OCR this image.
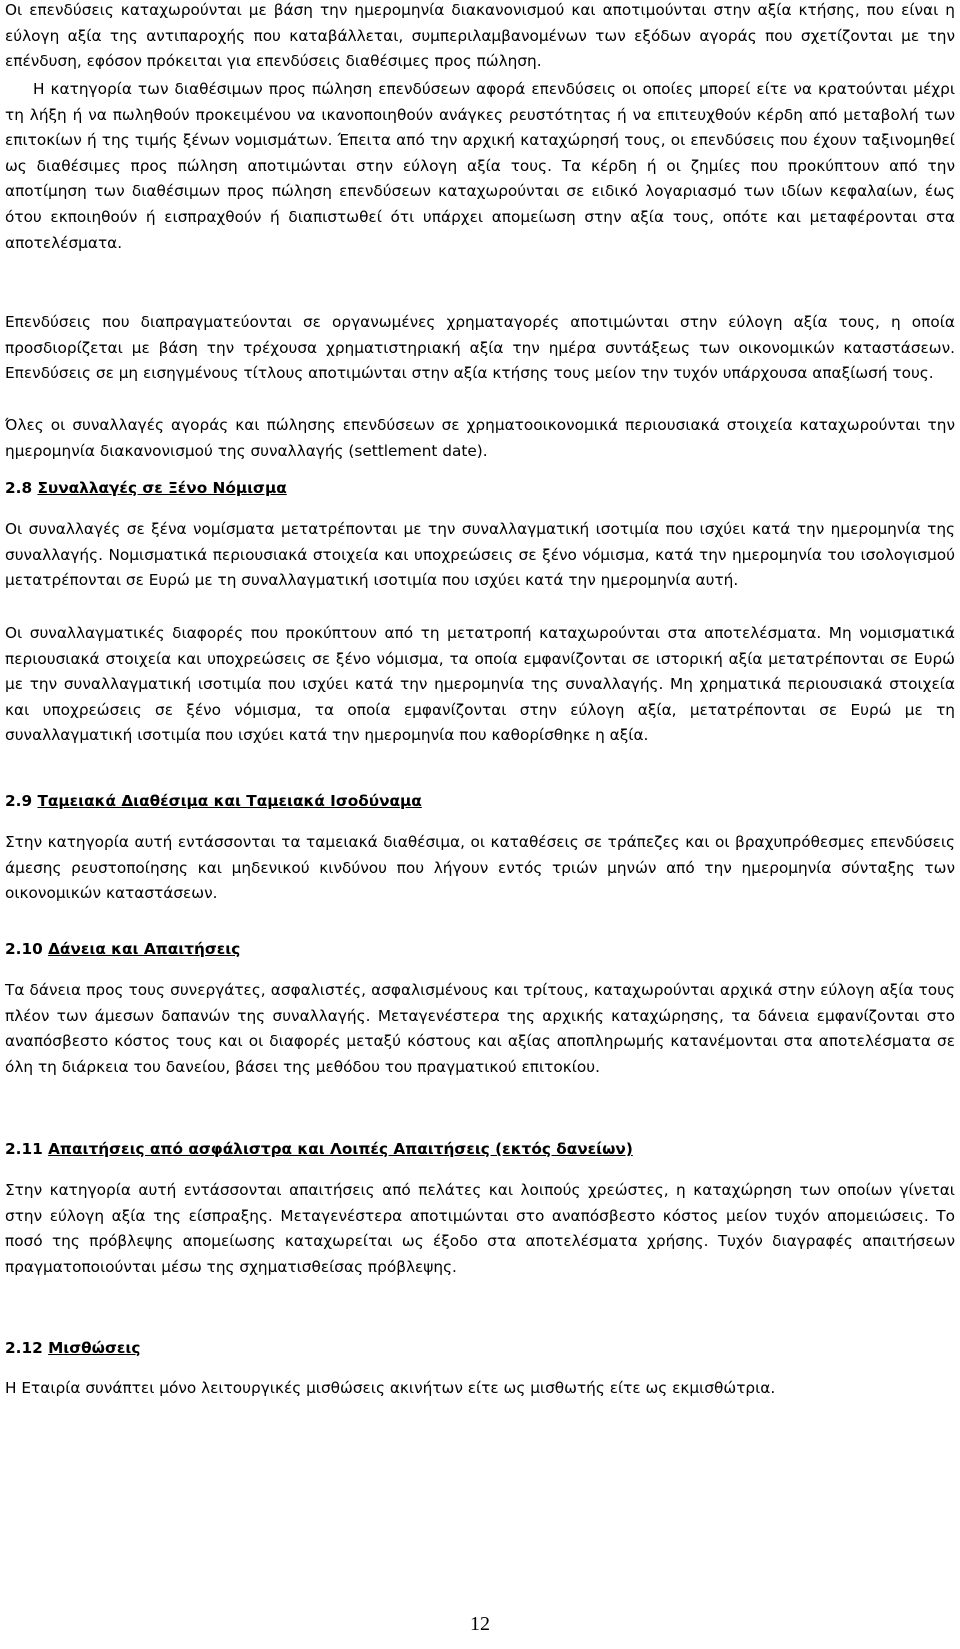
Οι επενδύσεις καταχωρούνται με βάση την ημερομηνία διακανονισμού και αποτιμούνται στην αξία κτήσης, που είναι η εύλογη αξία της αντιπαροχής που καταβάλλεται, συμπεριλαμβανομένων των εξόδων αγοράς που σχετίζονται με την επένδυση, εφόσον πρόκειται για επενδύσεις διαθέσιμες προς πώληση.

Η κατηγορία των διαθέσιμων προς πώληση επενδύσεων αφορά επενδύσεις οι οποίες μπορεί είτε να κρατούνται μέχρι τη λήξη ή να πωληθούν προκειμένου να ικανοποιηθούν ανάγκες ρευστότητας ή να επιτευχθούν κέρδη από μεταβολή των επιτοκίων ή της τιμής ξένων νομισμάτων. Έπειτα από την αρχική καταχώρησή τους, οι επενδύσεις που έχουν ταξινομηθεί ως διαθέσιμες προς πώληση αποτιμώνται στην εύλογη αξία τους. Τα κέρδη ή οι ζημίες που προκύπτουν από την αποτίμηση των διαθέσιμων προς πώληση επενδύσεων καταχωρούνται σε ειδικό λογαριασμό των ιδίων κεφαλαίων, έως ότου εκποιηθούν ή εισπραχθούν ή διαπιστωθεί ότι υπάρχει απομείωση στην αξία τους, οπότε και μεταφέρονται στα αποτελέσματα.

Επενδύσεις που διαπραγματεύονται σε οργανωμένες χρηματαγορές αποτιμώνται στην εύλογη αξία τους, η οποία προσδιορίζεται με βάση την τρέχουσα χρηματιστηριακή αξία την ημέρα συντάξεως των οικονομικών καταστάσεων. Επενδύσεις σε μη εισηγμένους τίτλους αποτιμώνται στην αξία κτήσης τους μείον την τυχόν υπάρχουσα απαξίωσή τους.

Όλες οι συναλλαγές αγοράς και πώλησης επενδύσεων σε χρηματοοικονομικά περιουσιακά στοιχεία καταχωρούνται την ημερομηνία διακανονισμού της συναλλαγής (settlement date).

2.8 Συναλλαγές σε Ξένο Νόμισμα

Οι συναλλαγές σε ξένα νομίσματα μετατρέπονται με την συναλλαγματική ισοτιμία που ισχύει κατά την ημερομηνία της συναλλαγής. Νομισματικά περιουσιακά στοιχεία και υποχρεώσεις σε ξένο νόμισμα, κατά την ημερομηνία του ισολογισμού μετατρέπονται σε Ευρώ με τη συναλλαγματική ισοτιμία που ισχύει κατά την ημερομηνία αυτή.

Οι συναλλαγματικές διαφορές που προκύπτουν από τη μετατροπή καταχωρούνται στα αποτελέσματα. Μη νομισματικά περιουσιακά στοιχεία και υποχρεώσεις σε ξένο νόμισμα, τα οποία εμφανίζονται σε ιστορική αξία μετατρέπονται σε Ευρώ με την συναλλαγματική ισοτιμία που ισχύει κατά την ημερομηνία της συναλλαγής. Μη χρηματικά περιουσιακά στοιχεία και υποχρεώσεις σε ξένο νόμισμα, τα οποία εμφανίζονται στην εύλογη αξία, μετατρέπονται σε Ευρώ με τη συναλλαγματική ισοτιμία που ισχύει κατά την ημερομηνία που καθορίσθηκε η αξία.

2.9 Ταμειακά Διαθέσιμα και Ταμειακά Ισοδύναμα

Στην κατηγορία αυτή εντάσσονται τα ταμειακά διαθέσιμα, οι καταθέσεις σε τράπεζες και οι βραχυπρόθεσμες επενδύσεις άμεσης ρευστοποίησης και μηδενικού κινδύνου που λήγουν εντός τριών μηνών από την ημερομηνία σύνταξης των οικονομικών καταστάσεων.

2.10 Δάνεια και Απαιτήσεις

Τα δάνεια προς τους συνεργάτες, ασφαλιστές, ασφαλισμένους και τρίτους, καταχωρούνται αρχικά στην εύλογη αξία τους πλέον των άμεσων δαπανών της συναλλαγής. Μεταγενέστερα της αρχικής καταχώρησης, τα δάνεια εμφανίζονται στο αναπόσβεστο κόστος τους και οι διαφορές μεταξύ κόστους και αξίας αποπληρωμής κατανέμονται στα αποτελέσματα σε όλη τη διάρκεια του δανείου, βάσει της μεθόδου του πραγματικού επιτοκίου.

2.11 Απαιτήσεις από ασφάλιστρα και Λοιπές Απαιτήσεις (εκτός δανείων)

Στην κατηγορία αυτή εντάσσονται απαιτήσεις από πελάτες και λοιπούς χρεώστες, η καταχώρηση των οποίων γίνεται στην εύλογη αξία της είσπραξης. Μεταγενέστερα αποτιμώνται στο αναπόσβεστο κόστος μείον τυχόν απομειώσεις. Το ποσό της πρόβλεψης απομείωσης καταχωρείται ως έξοδο στα αποτελέσματα χρήσης. Τυχόν διαγραφές απαιτήσεων πραγματοποιούνται μέσω της σχηματισθείσας πρόβλεψης.

2.12 Μισθώσεις

Η Εταιρία συνάπτει μόνο λειτουργικές μισθώσεις ακινήτων είτε ως μισθωτής είτε ως εκμισθώτρια.

12
